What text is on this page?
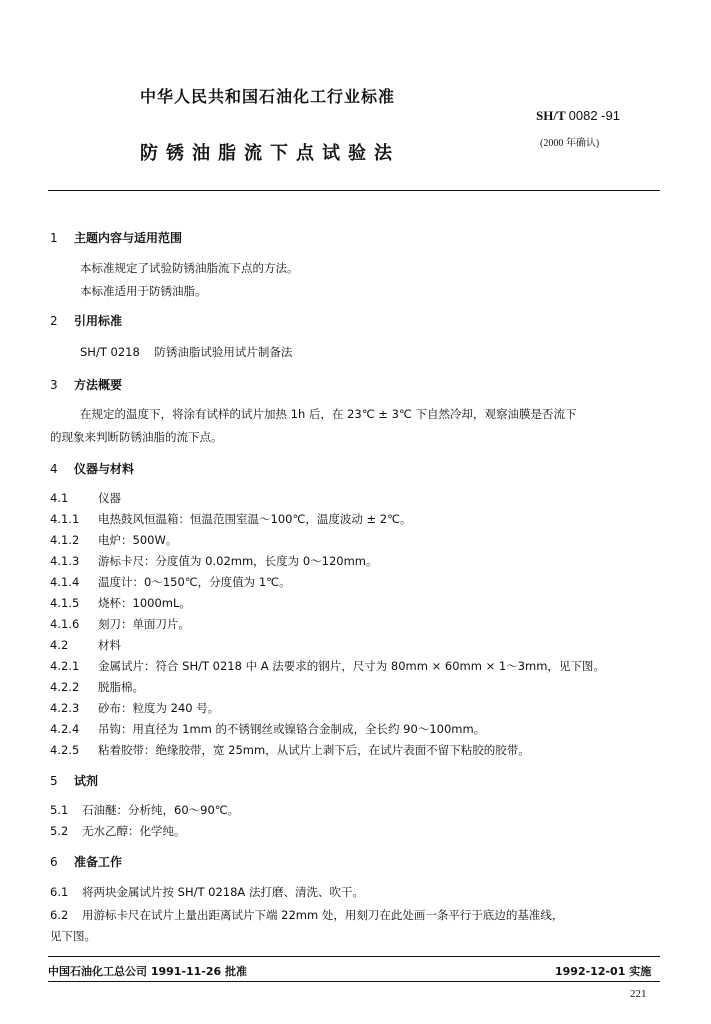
中华人民共和国石油化工行业标准
SH/T 0082 -91
(2000 年确认)
防锈油脂流下点试验法
1 主题内容与适用范围
本标准规定了试验防锈油脂流下点的方法。
本标准适用于防锈油脂。
2 引用标准
SH/T 0218    防锈油脂试验用试片制备法
3 方法概要
在规定的温度下，将涂有试样的试片加热 1h 后，在 23℃ ± 3℃ 下自然冷却，观察油膜是否流下
的现象来判断防锈油脂的流下点。
4 仪器与材料
4.1	仪器
4.1.1 电热鼓风恒温箱：恒温范围室温～100℃，温度波动 ± 2℃。
4.1.2 电炉：500W。
4.1.3 游标卡尺：分度值为 0.02mm，长度为 0～120mm。
4.1.4 温度计：0～150℃，分度值为 1℃。
4.1.5 烧杯：1000mL。
4.1.6 刻刀：单面刀片。
4.2	材料
4.2.1 金属试片：符合 SH/T 0218 中 A 法要求的钢片，尺寸为 80mm × 60mm × 1～3mm，见下图。
4.2.2 脱脂棉。
4.2.3 砂布：粒度为 240 号。
4.2.4 吊钩：用直径为 1mm 的不锈钢丝或镍铬合金制成，全长约 90～100mm。
4.2.5 粘着胶带：绝缘胶带，宽 25mm，从试片上剥下后，在试片表面不留下粘胶的胶带。
5 试剂
5.1 石油醚：分析纯，60～90℃。
5.2 无水乙醇：化学纯。
6 准备工作
6.1 将两块金属试片按 SH/T 0218A 法打磨、清洗、吹干。
6.2 用游标卡尺在试片上量出距离试片下端 22mm 处，用刻刀在此处画一条平行于底边的基准线，
见下图。
中国石油化工总公司 1991-11-26 批准	1992-12-01 实施
221
